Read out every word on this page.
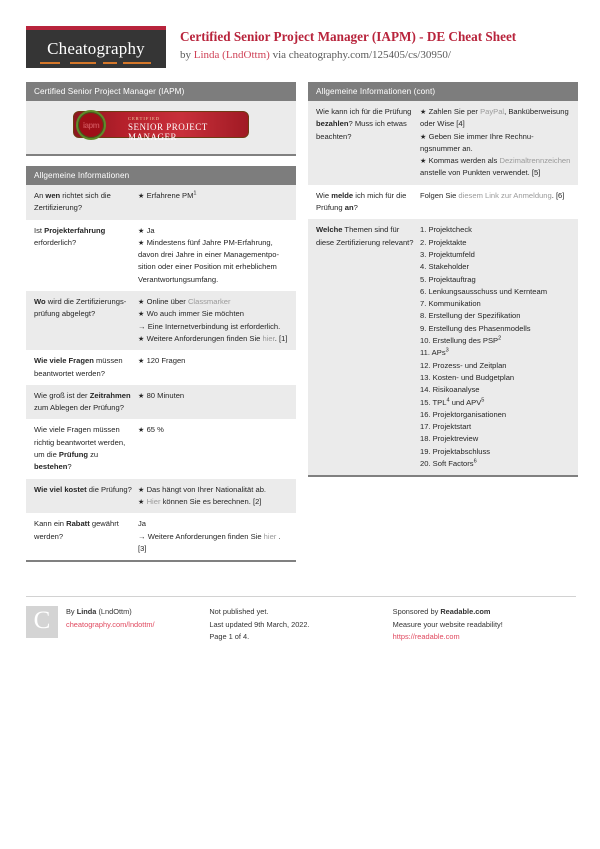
Cheatography
Certified Senior Project Manager (IAPM) - DE Cheat Sheet
by Linda (LndOttm) via cheatography.com/125405/cs/30950/
Certified Senior Project Manager (IAPM)
iapm
CERTIFIED
SENIOR PROJECT MANAGER
Allgemeine Informationen
An wen richtet sich die Zertifizierung?
★ Erfahrene $PM^1$
Ist Projekterfahrung erforderlich?
★ Ja
★ Mindestens fünf Jahre PM-Erfahrung, davon drei Jahre in einer Managementposition oder einer Position mit erheblichem Verantwortungsumfang.
Wo wird die Zertifizierungsprüfung abgelegt?
★ Online über Classmarker
★ Wo auch immer Sie möchten
→ Eine Internetverbindung ist erforderlich.
★ Weitere Anforderungen finden Sie hier. [1]
Wie viele Fragen müssen beantwortet werden?
★ 120 Fragen
Wie groß ist der Zeitrahmen zum Ablegen der Prüfung?
★ 80 Minuten
Wie viele Fragen müssen richtig beantwortet werden, um die Prüfung zu bestehen?
★ 65 %
Wie viel kostet die Prüfung? ★ Das hängt von Ihrer Nationalität ab.
★ Hier können Sie es berechnen. [2]
Kann ein Rabatt gewährt werden?
Ja
→ Weitere Anforderungen finden Sie hier . [3]
Allgemeine Informationen (cont)
Wie kann ich für die Prüfung bezahlen? Muss ich etwas beachten?
★ Zahlen Sie per PayPal, Banküberweisung oder Wise [4]
★ Geben Sie immer Ihre Rechnungsnummer an.
★ Kommas werden als Dezimaltrennzeichen anstelle von Punkten verwendet. [5]
Wie melde ich mich für die Prüfung an?
Folgen Sie diesem Link zur Anmeldung. [6]
Welche Themen sind für diese Zertifizierung relevant?
1. Projektcheck
2. Projektakte
3. Projektumfeld
4. Stakeholder
5. Projektauftrag
6. Lenkungsausschuss und Kernteam
7. Kommunikation
8. Erstellung der Spezifikation
9. Erstellung des Phasenmodells
10. Erstellung des PSP$^2$
11. APs$^3$
12. Prozess- und Zeitplan
13. Kosten- und Budgetplan
14. Risikoanalyse
15. TPL$^4$ und APV$^5$
16. Projektorganisationen
17. Projektstart
18. Projektreview
19. Projektabschluss
20. Soft Factors$^6$
C	By Linda (LndOttm)
cheatography.com/lndottm/
Not published yet.
Last updated 9th March, 2022.
Page 1 of 4.
Sponsored by Readable.com
Measure your website readability!
https://readable.com
